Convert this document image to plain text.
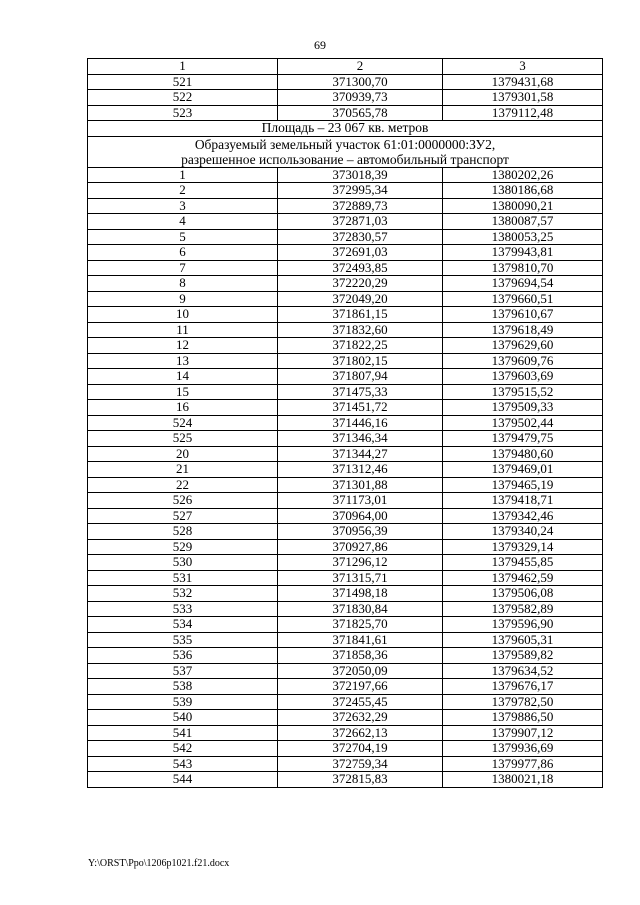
69
1	2	3
521	371300,70	1379431,68
522	370939,73	1379301,58
523	370565,78	1379112,48
Площадь – 23 067 кв. метров		
Образуемый земельный участок 61:01:0000000:ЗУ2,
разрешенное использование – автомобильный транспорт		
1	373018,39	1380202,26
2	372995,34	1380186,68
3	372889,73	1380090,21
4	372871,03	1380087,57
5	372830,57	1380053,25
6	372691,03	1379943,81
7	372493,85	1379810,70
8	372220,29	1379694,54
9	372049,20	1379660,51
10	371861,15	1379610,67
11	371832,60	1379618,49
12	371822,25	1379629,60
13	371802,15	1379609,76
14	371807,94	1379603,69
15	371475,33	1379515,52
16	371451,72	1379509,33
524	371446,16	1379502,44
525	371346,34	1379479,75
20	371344,27	1379480,60
21	371312,46	1379469,01
22	371301,88	1379465,19
526	371173,01	1379418,71
527	370964,00	1379342,46
528	370956,39	1379340,24
529	370927,86	1379329,14
530	371296,12	1379455,85
531	371315,71	1379462,59
532	371498,18	1379506,08
533	371830,84	1379582,89
534	371825,70	1379596,90
535	371841,61	1379605,31
536	371858,36	1379589,82
537	372050,09	1379634,52
538	372197,66	1379676,17
539	372455,45	1379782,50
540	372632,29	1379886,50
541	372662,13	1379907,12
542	372704,19	1379936,69
543	372759,34	1379977,86
544	372815,83	1380021,18
Y:\ORST\Ppo\1206p1021.f21.docx
